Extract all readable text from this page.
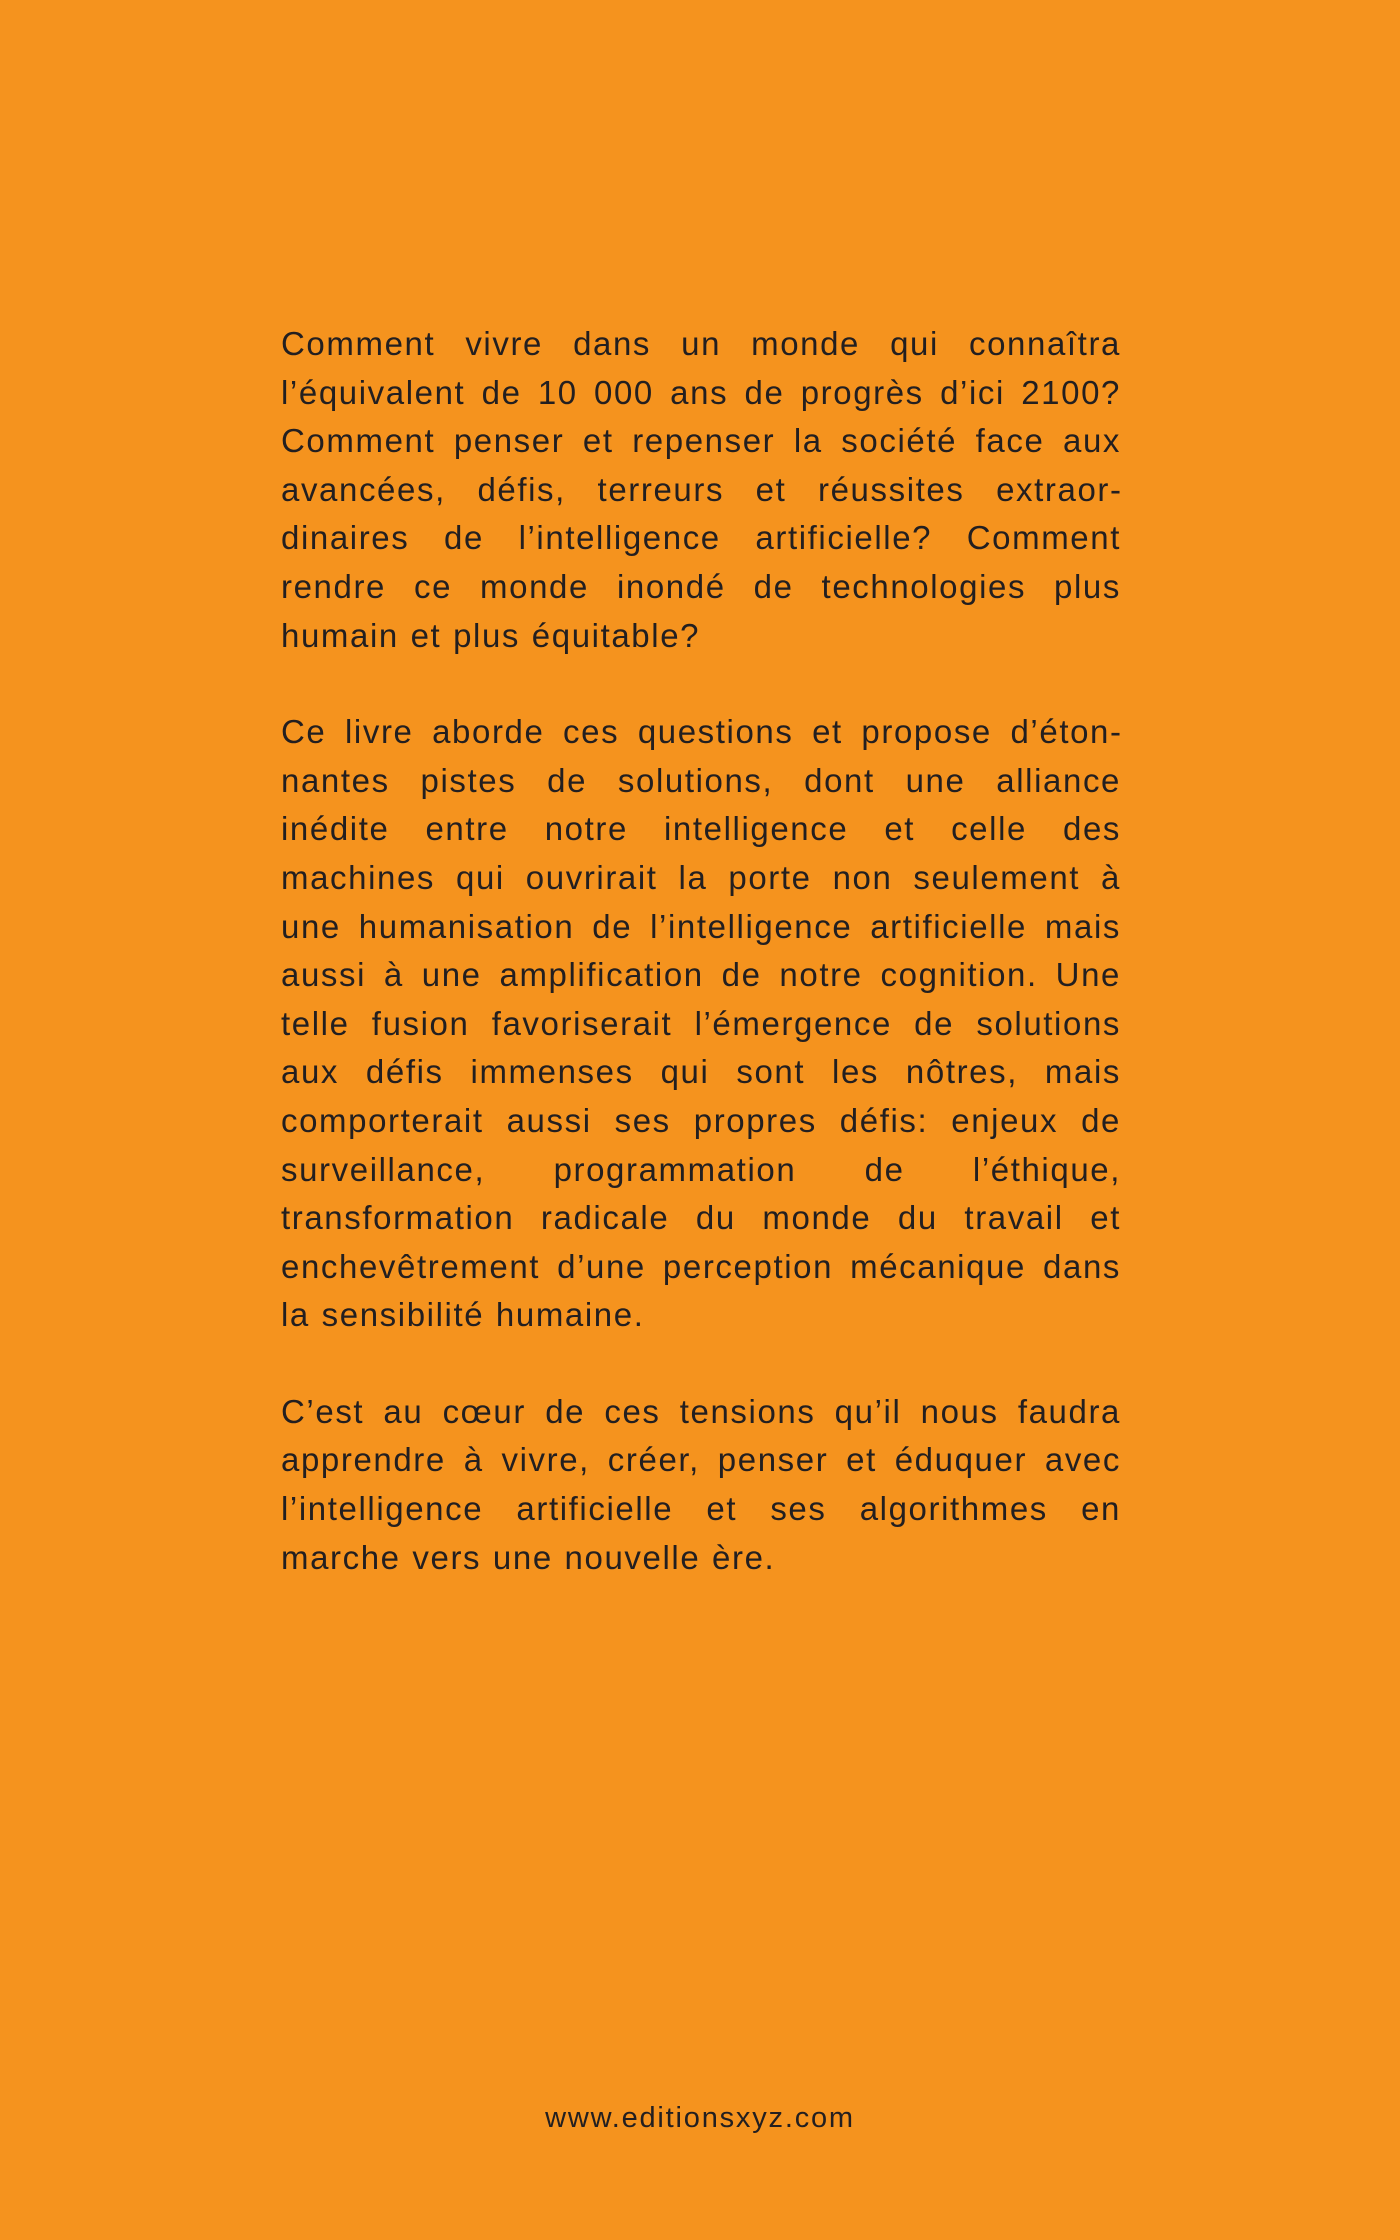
Comment vivre dans un monde qui connaîtra l’équivalent de 10 000 ans de progrès d’ici 2100? Comment penser et repenser la société face aux avancées, défis, terreurs et réussites extraordinaires de l’intelligence artificielle? Comment rendre ce monde inondé de technologies plus humain et plus équitable?

Ce livre aborde ces questions et propose d’étonnantes pistes de solutions, dont une alliance inédite entre notre intelligence et celle des machines qui ouvrirait la porte non seulement à une humanisation de l’intelligence artificielle mais aussi à une amplification de notre cognition. Une telle fusion favoriserait l’émergence de solutions aux défis immenses qui sont les nôtres, mais comporterait aussi ses propres défis: enjeux de surveillance, programmation de l’éthique, transformation radicale du monde du travail et enchevêtrement d’une perception mécanique dans la sensibilité humaine.

C’est au cœur de ces tensions qu’il nous faudra apprendre à vivre, créer, penser et éduquer avec l’intelligence artificielle et ses algorithmes en marche vers une nouvelle ère.

www.editionsxyz.com
